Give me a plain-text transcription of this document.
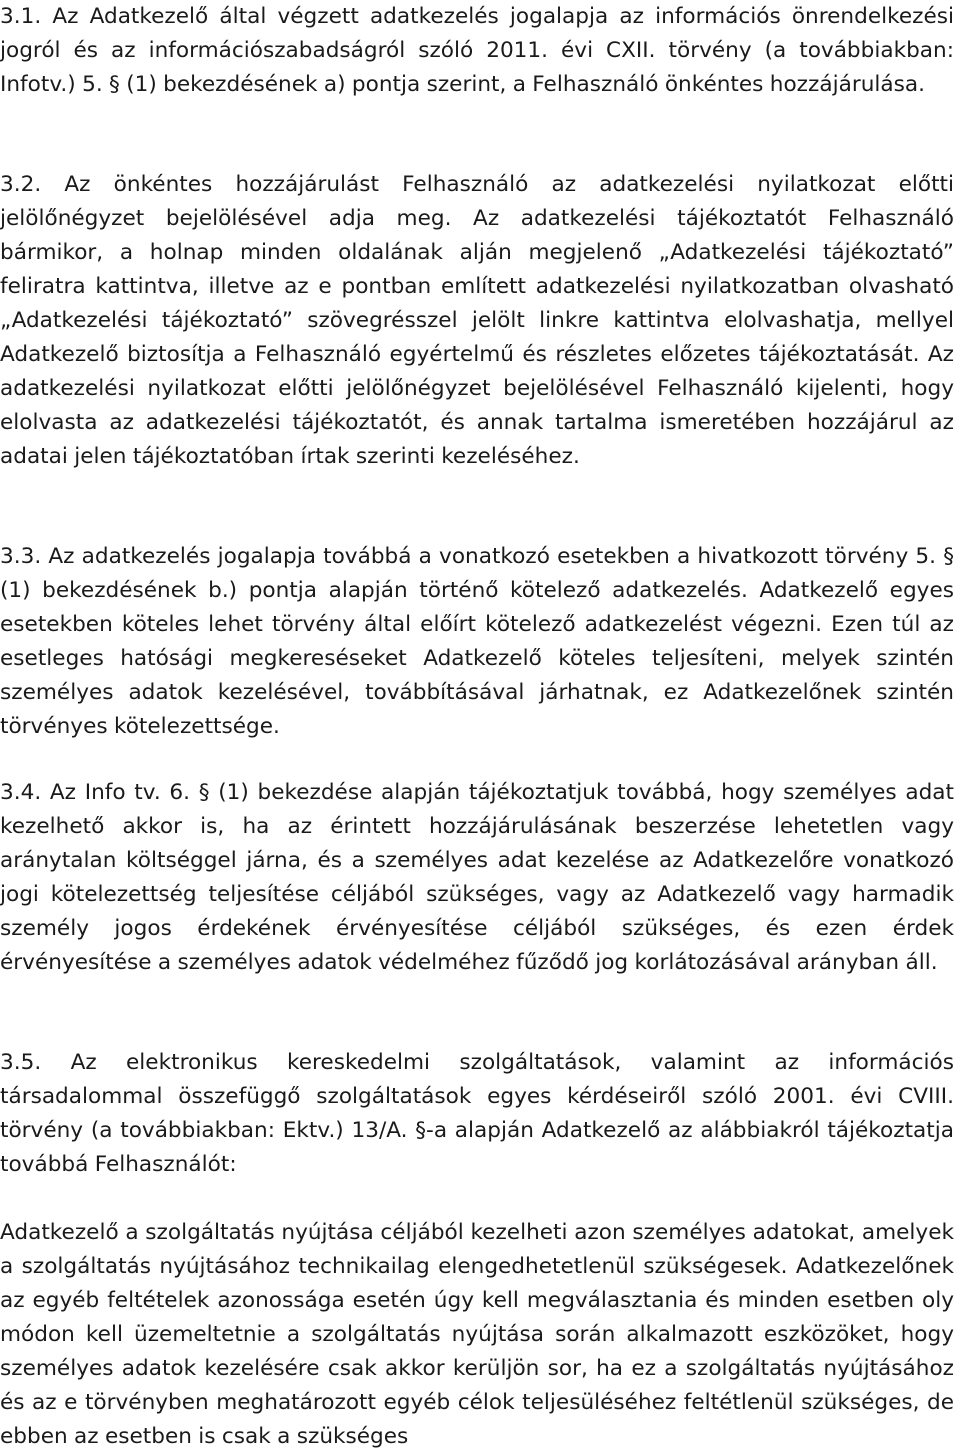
3.1. Az Adatkezelő által végzett adatkezelés jogalapja az információs önrendelkezési jogról és az információszabadságról szóló 2011. évi CXII. törvény (a továbbiakban: Infotv.) 5. § (1) bekezdésének a) pontja szerint, a Felhasználó önkéntes hozzájárulása.

3.2. Az önkéntes hozzájárulást Felhasználó az adatkezelési nyilatkozat előtti jelölőnégyzet bejelölésével adja meg. Az adatkezelési tájékoztatót Felhasználó bármikor, a holnap minden oldalának alján megjelenő „Adatkezelési tájékoztató” feliratra kattintva, illetve az e pontban említett adatkezelési nyilatkozatban olvasható „Adatkezelési tájékoztató” szövegrésszel jelölt linkre kattintva elolvashatja, mellyel Adatkezelő biztosítja a Felhasználó egyértelmű és részletes előzetes tájékoztatását. Az adatkezelési nyilatkozat előtti jelölőnégyzet bejelölésével Felhasználó kijelenti, hogy elolvasta az adatkezelési tájékoztatót, és annak tartalma ismeretében hozzájárul az adatai jelen tájékoztatóban írtak szerinti kezeléséhez.

3.3. Az adatkezelés jogalapja továbbá a vonatkozó esetekben a hivatkozott törvény 5. § (1) bekezdésének b.) pontja alapján történő kötelező adatkezelés. Adatkezelő egyes esetekben köteles lehet törvény által előírt kötelező adatkezelést végezni. Ezen túl az esetleges hatósági megkereséseket Adatkezelő köteles teljesíteni, melyek szintén személyes adatok kezelésével, továbbításával járhatnak, ez Adatkezelőnek szintén törvényes kötelezettsége.

3.4. Az Info tv. 6. § (1) bekezdése alapján tájékoztatjuk továbbá, hogy személyes adat kezelhető akkor is, ha az érintett hozzájárulásának beszerzése lehetetlen vagy aránytalan költséggel járna, és a személyes adat kezelése az Adatkezelőre vonatkozó jogi kötelezettség teljesítése céljából szükséges, vagy az Adatkezelő vagy harmadik személy jogos érdekének érvényesítése céljából szükséges, és ezen érdek érvényesítése a személyes adatok védelméhez fűződő jog korlátozásával arányban áll.

3.5. Az elektronikus kereskedelmi szolgáltatások, valamint az információs társadalommal összefüggő szolgáltatások egyes kérdéseiről szóló 2001. évi CVIII. törvény (a továbbiakban: Ektv.) 13/A. §-a alapján Adatkezelő az alábbiakról tájékoztatja továbbá Felhasználót:

Adatkezelő a szolgáltatás nyújtása céljából kezelheti azon személyes adatokat, amelyek a szolgáltatás nyújtásához technikailag elengedhetetlenül szükségesek. Adatkezelőnek az egyéb feltételek azonossága esetén úgy kell megválasztania és minden esetben oly módon kell üzemeltetnie a szolgáltatás nyújtása során alkalmazott eszközöket, hogy személyes adatok kezelésére csak akkor kerüljön sor, ha ez a szolgáltatás nyújtásához és az e törvényben meghatározott egyéb célok teljesüléséhez feltétlenül szükséges, de ebben az esetben is csak a szükséges
